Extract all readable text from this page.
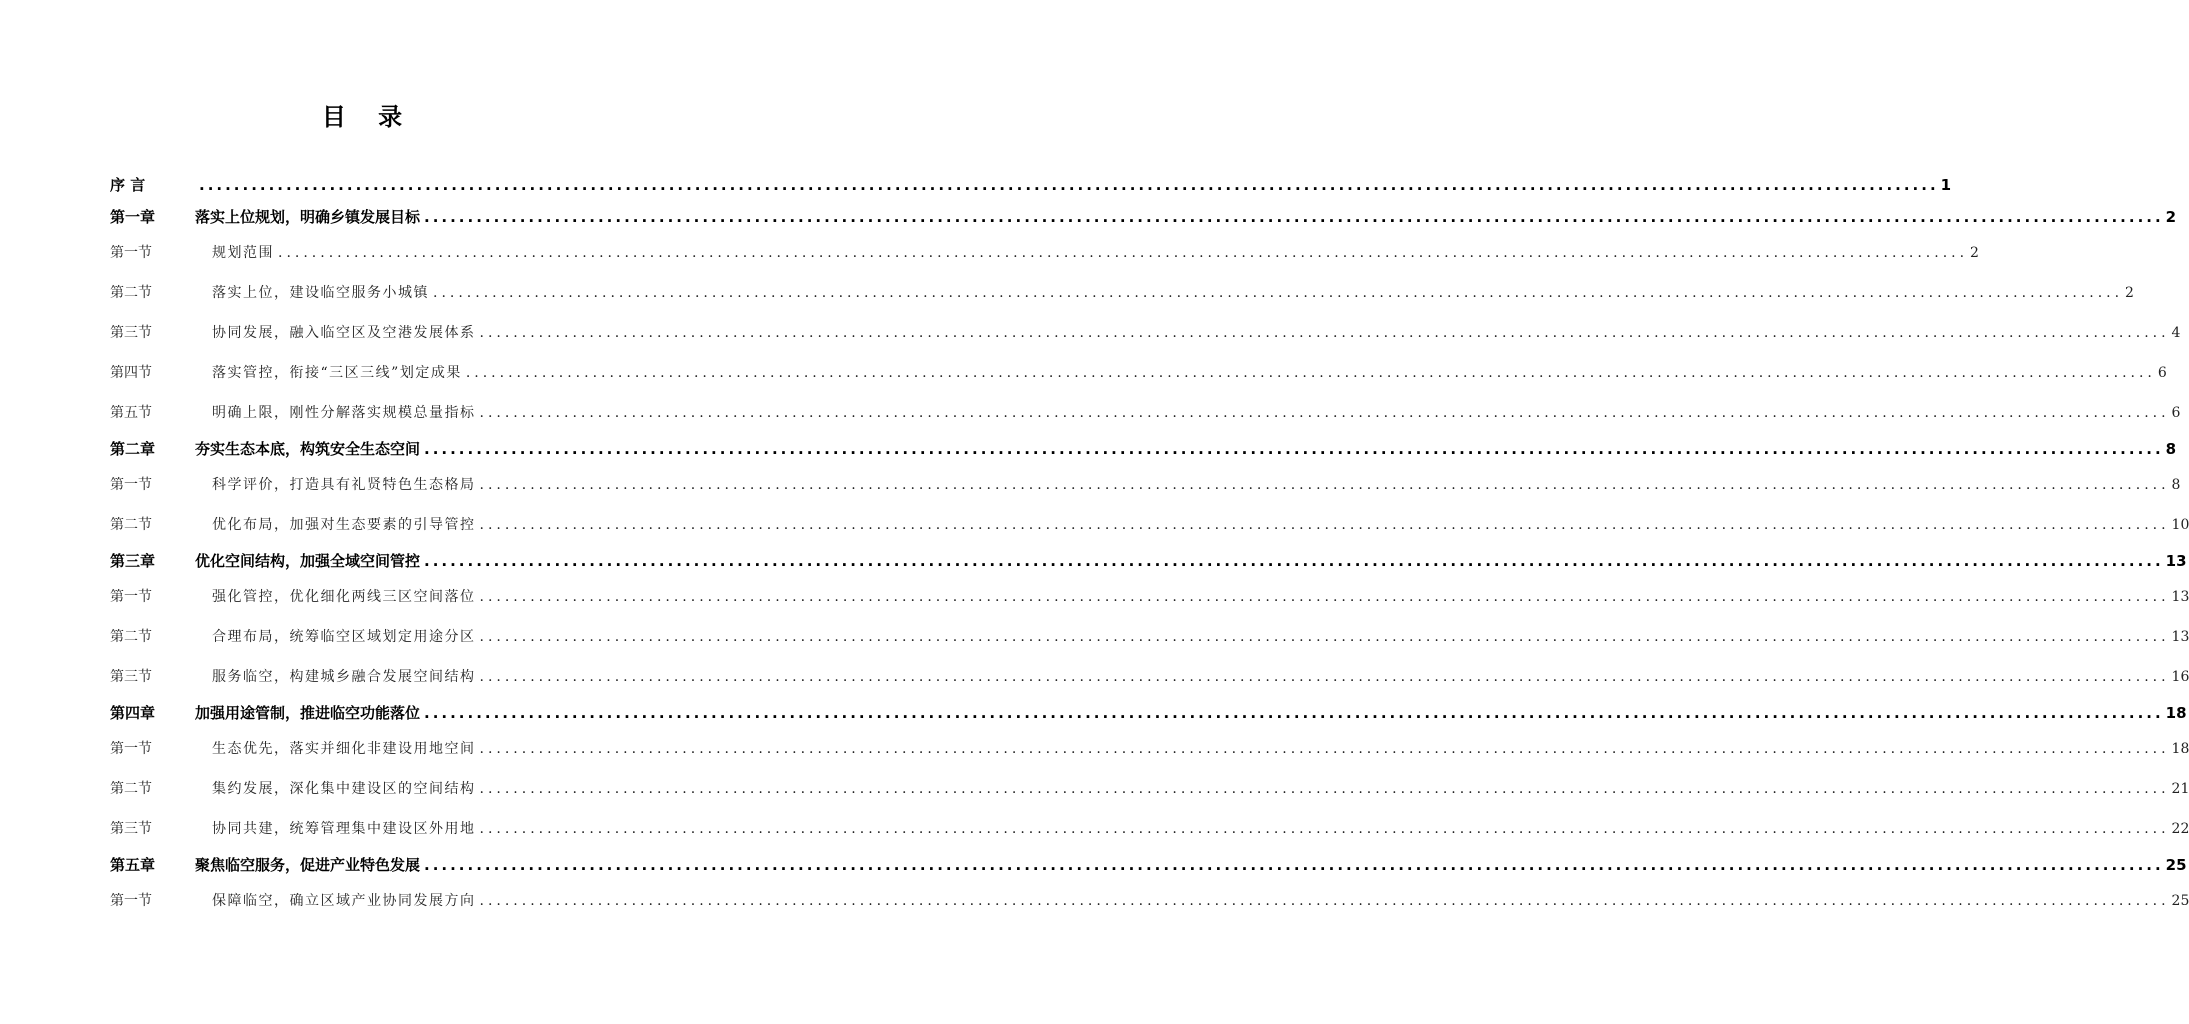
目 录
序 言	........................................................................................................................................................................................................ 1
第一章	落实上位规划，明确乡镇发展目标 ........................................................................................................................................................................................................ 2
第一节	规划范围 ........................................................................................................................................................................................................ 2
第二节	落实上位，建设临空服务小城镇 ........................................................................................................................................................................................................ 2
第三节	协同发展，融入临空区及空港发展体系 ........................................................................................................................................................................................................ 4
第四节	落实管控，衔接“三区三线”划定成果 ........................................................................................................................................................................................................ 6
第五节	明确上限，刚性分解落实规模总量指标 ........................................................................................................................................................................................................ 6
第二章	夯实生态本底，构筑安全生态空间 ........................................................................................................................................................................................................ 8
第一节	科学评价，打造具有礼贤特色生态格局 ........................................................................................................................................................................................................ 8
第二节	优化布局，加强对生态要素的引导管控 ........................................................................................................................................................................................................ 10
第三章	优化空间结构，加强全域空间管控 ........................................................................................................................................................................................................ 13
第一节	强化管控，优化细化两线三区空间落位 ........................................................................................................................................................................................................ 13
第二节	合理布局，统筹临空区域划定用途分区 ........................................................................................................................................................................................................ 13
第三节	服务临空，构建城乡融合发展空间结构 ........................................................................................................................................................................................................ 16
第四章	加强用途管制，推进临空功能落位 ........................................................................................................................................................................................................ 18
第一节	生态优先，落实并细化非建设用地空间 ........................................................................................................................................................................................................ 18
第二节	集约发展，深化集中建设区的空间结构 ........................................................................................................................................................................................................ 21
第三节	协同共建，统筹管理集中建设区外用地 ........................................................................................................................................................................................................ 22
第五章	聚焦临空服务，促进产业特色发展 ........................................................................................................................................................................................................ 25
第一节	保障临空，确立区域产业协同发展方向 ........................................................................................................................................................................................................ 25
